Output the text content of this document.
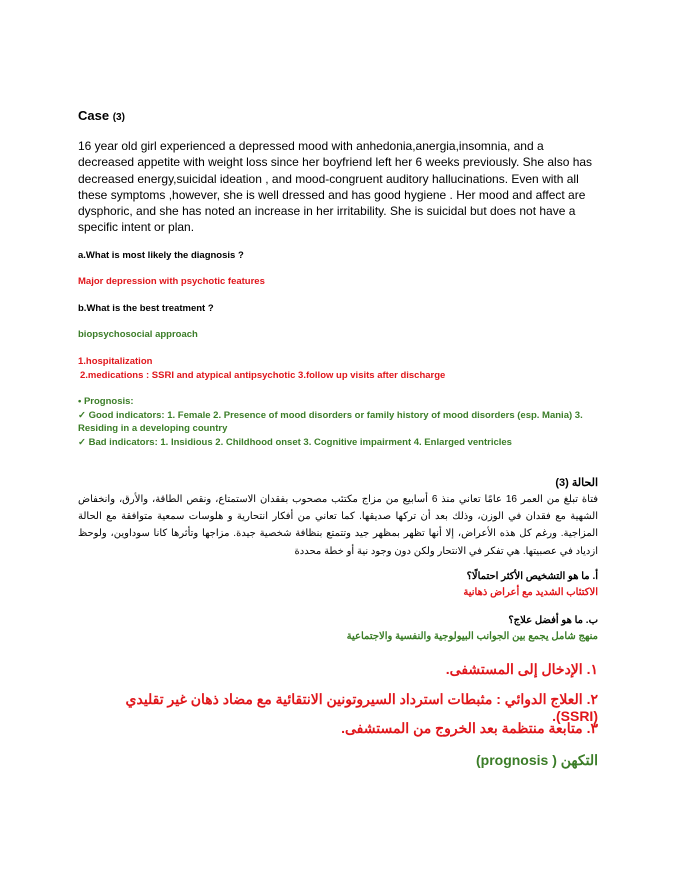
Case (3)
16 year old girl experienced a depressed mood with anhedonia,anergia,insomnia, and a decreased appetite with weight loss since her boyfriend left her 6 weeks previously. She also has decreased energy,suicidal ideation , and mood-congruent auditory hallucinations. Even with all these symptoms ,however, she is well dressed and has good hygiene . Her mood and affect are dysphoric, and she has noted an increase in her irritability. She is suicidal but does not have a specific intent or plan.
a.What is most likely the diagnosis ?
Major depression with psychotic features
b.What is the best treatment ?
biopsychosocial approach
1.hospitalization
2.medications : SSRI and atypical antipsychotic 3.follow up visits after discharge
• Prognosis:
✓ Good indicators: 1. Female 2. Presence of mood disorders or family history of mood disorders (esp. Mania) 3. Residing in a developing country
✓ Bad indicators: 1. Insidious 2. Childhood onset 3. Cognitive impairment 4. Enlarged ventricles
الحالة (3)
فتاة تبلغ من العمر 16 عامًا تعاني منذ 6 أسابيع من مزاج مكتئب مصحوب بفقدان الاستمتاع، ونقص الطاقة، والأرق، وانخفاض الشهية مع فقدان في الوزن، وذلك بعد أن تركها صديقها. كما تعاني من أفكار انتحارية و هلوسات سمعية متوافقة مع الحالة المزاجية. ورغم كل هذه الأعراض، إلا أنها تظهر بمظهر جيد وتتمتع بنظافة شخصية جيدة. مزاجها وتأثرها كانا سوداوين، ولوحظ ازدياد في عصبيتها. هي تفكر في الانتحار ولكن دون وجود نية أو خطة محددة
أ. ما هو التشخيص الأكثر احتمالًا؟
الاكتئاب الشديد مع أعراض ذهانية
ب. ما هو أفضل علاج؟
منهج شامل يجمع بين الجوانب البيولوجية والنفسية والاجتماعية
١. الإدخال إلى المستشفى.
٢. العلاج الدوائي : مثبطات استرداد السيروتونين الانتقائية مع مضاد ذهان غير تقليدي (SSRI).
٣. متابعة منتظمة بعد الخروج من المستشفى.
التكهن ( prognosis)
